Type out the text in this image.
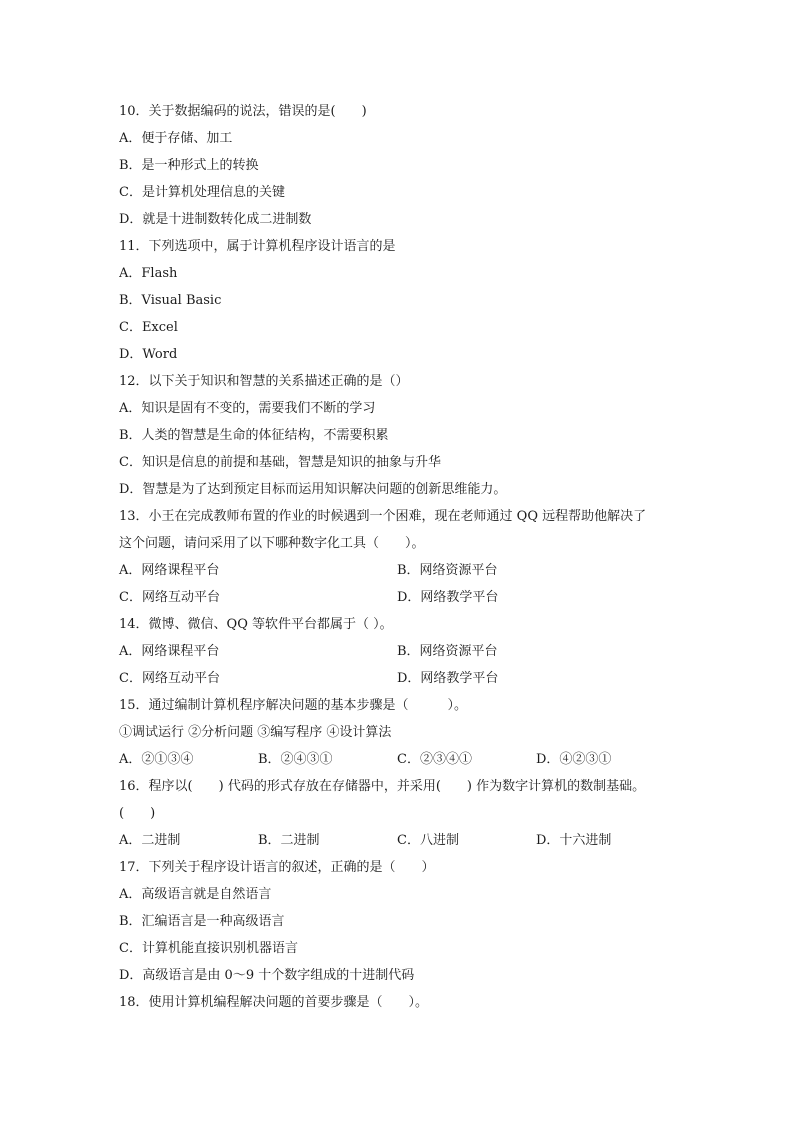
10．关于数据编码的说法，错误的是(　　)
A．便于存储、加工
B．是一种形式上的转换
C．是计算机处理信息的关键
D．就是十进制数转化成二进制数
11．下列选项中，属于计算机程序设计语言的是
A．Flash
B．Visual Basic
C．Excel
D．Word
12．以下关于知识和智慧的关系描述正确的是（）
A．知识是固有不变的，需要我们不断的学习
B．人类的智慧是生命的体征结构，不需要积累
C．知识是信息的前提和基础，智慧是知识的抽象与升华
D．智慧是为了达到预定目标而运用知识解决问题的创新思维能力。
13．小王在完成教师布置的作业的时候遇到一个困难，现在老师通过 QQ 远程帮助他解决了
这个问题，请问采用了以下哪种数字化工具（　　）。
A．网络课程平台	B．网络资源平台
C．网络互动平台	D．网络教学平台
14．微博、微信、QQ 等软件平台都属于（ ）。
A．网络课程平台	B．网络资源平台
C．网络互动平台	D．网络教学平台
15．通过编制计算机程序解决问题的基本步骤是（　　　）。
①调试运行 ②分析问题 ③编写程序 ④设计算法
A．②①③④	B．②④③①	C．②③④①	D．④②③①
16．程序以(　　) 代码的形式存放在存储器中，并采用(　　) 作为数字计算机的数制基础。
(　　)
A．二进制	B．二进制	C．八进制	D．十六进制
17．下列关于程序设计语言的叙述，正确的是（　　）
A．高级语言就是自然语言
B．汇编语言是一种高级语言
C．计算机能直接识别机器语言
D．高级语言是由 0～9 十个数字组成的十进制代码
18．使用计算机编程解决问题的首要步骤是（　　）。
